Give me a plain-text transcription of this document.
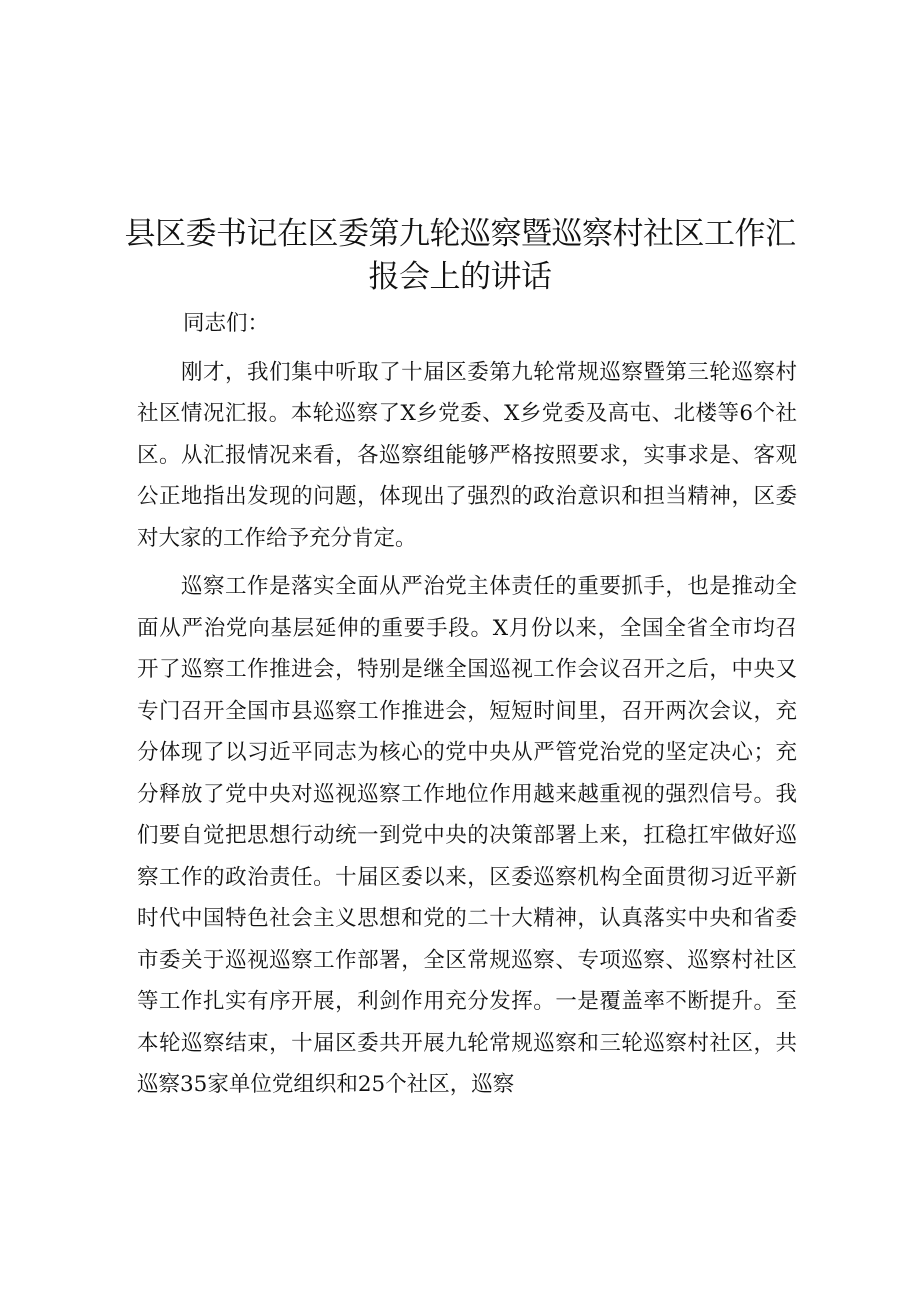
县区委书记在区委第九轮巡察暨巡察村社区工作汇报会上的讲话

同志们：

刚才，我们集中听取了十届区委第九轮常规巡察暨第三轮巡察村社区情况汇报。本轮巡察了X乡党委、X乡党委及高屯、北楼等6个社区。从汇报情况来看，各巡察组能够严格按照要求，实事求是、客观公正地指出发现的问题，体现出了强烈的政治意识和担当精神，区委对大家的工作给予充分肯定。

巡察工作是落实全面从严治党主体责任的重要抓手，也是推动全面从严治党向基层延伸的重要手段。X月份以来，全国全省全市均召开了巡察工作推进会，特别是继全国巡视工作会议召开之后，中央又专门召开全国市县巡察工作推进会，短短时间里，召开两次会议，充分体现了以习近平同志为核心的党中央从严管党治党的坚定决心；充分释放了党中央对巡视巡察工作地位作用越来越重视的强烈信号。我们要自觉把思想行动统一到党中央的决策部署上来，扛稳扛牢做好巡察工作的政治责任。十届区委以来，区委巡察机构全面贯彻习近平新时代中国特色社会主义思想和党的二十大精神，认真落实中央和省委市委关于巡视巡察工作部署，全区常规巡察、专项巡察、巡察村社区等工作扎实有序开展，利剑作用充分发挥。一是覆盖率不断提升。至本轮巡察结束，十届区委共开展九轮常规巡察和三轮巡察村社区，共巡察35家单位党组织和25个社区，巡察
